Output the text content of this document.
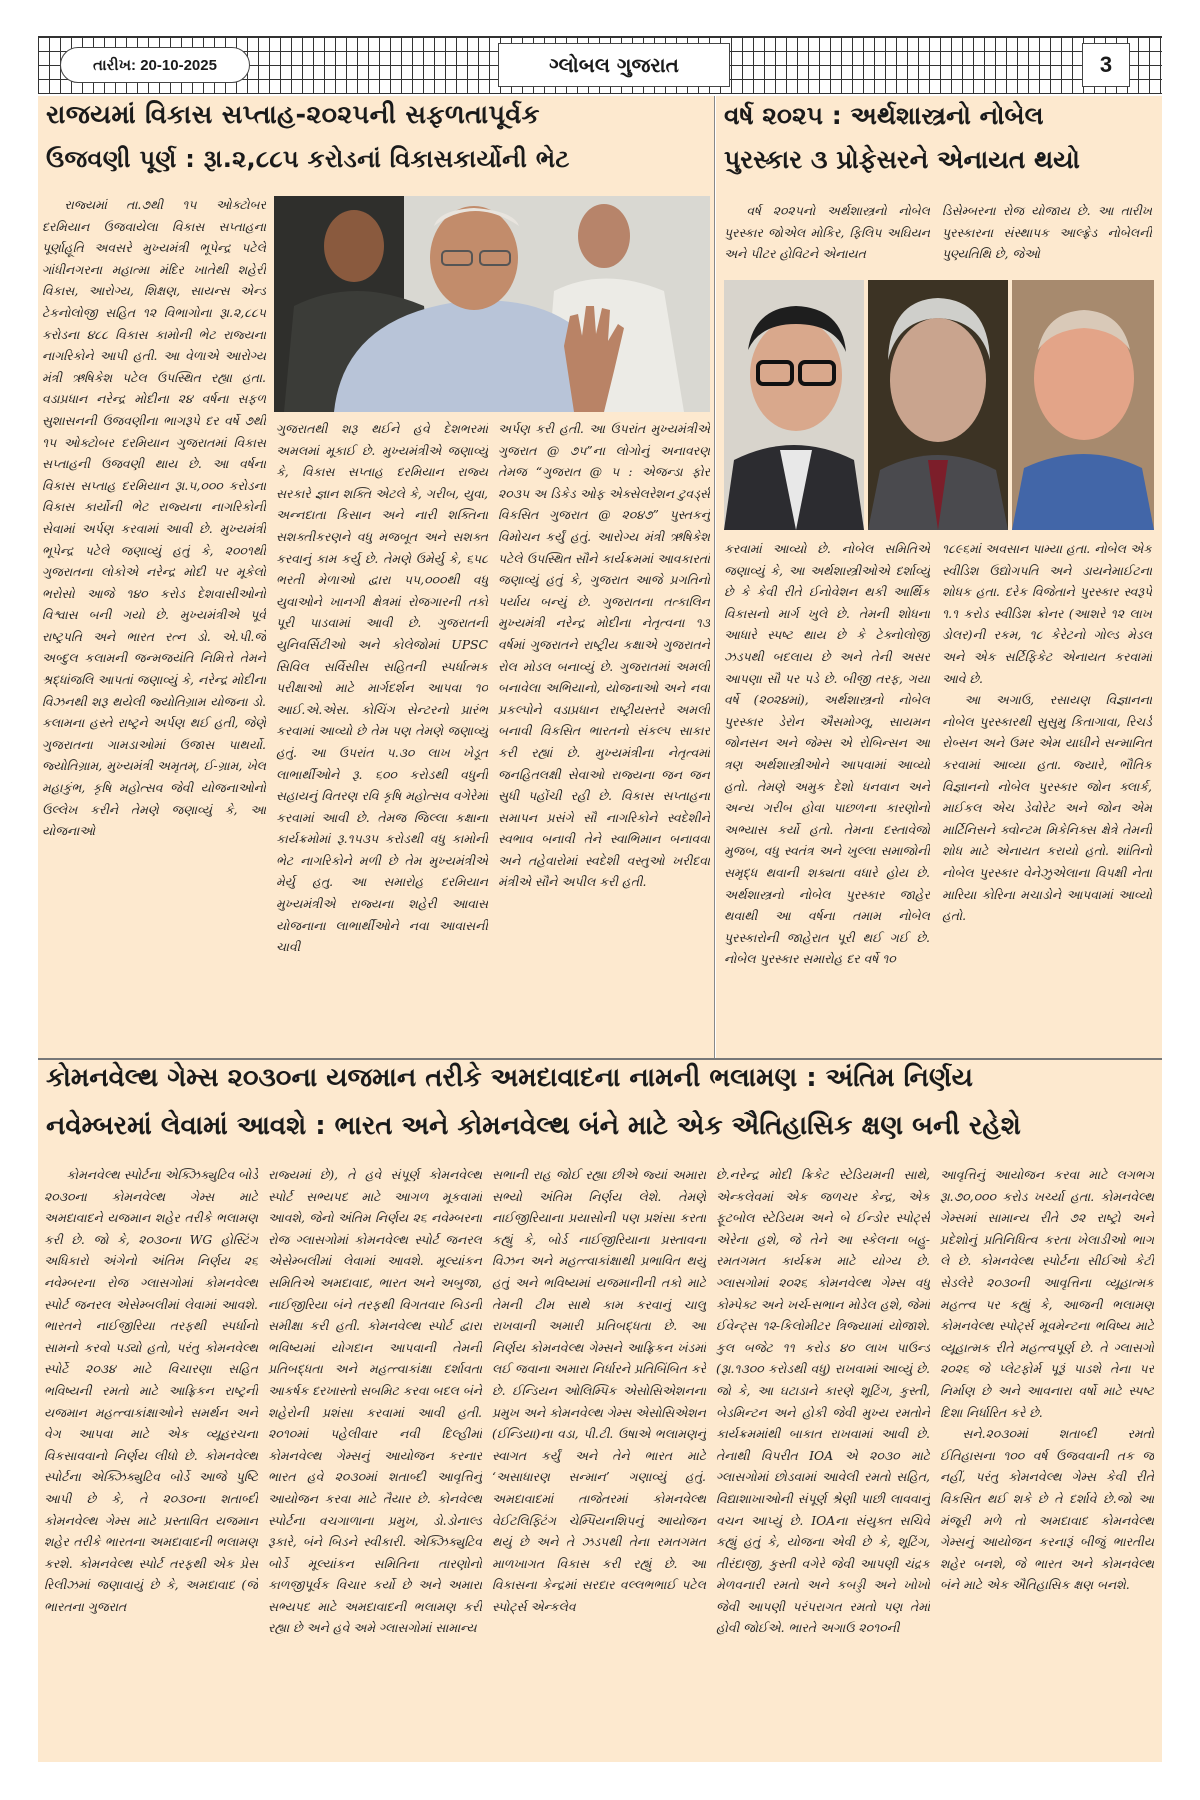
તારીખ: 20-10-2025	ગ્લોબલ ગુજરાત	3
રાજયમાં વિકાસ સપ્તાહ-૨૦૨૫ની સફળતાપૂર્વક
ઉજવણી પૂર્ણ : રૂા.૨,૮૮૫ કરોડનાં વિકાસકાર્યોની ભેટ

રાજ્યમાં તા.૭થી ૧૫ ઓક્ટોબર દરમિયાન ઉજવાયેલા વિકાસ સપ્તાહના પૂર્ણાહૂતિ અવસરે મુખ્યમંત્રી ભૂપેન્દ્ર પટેલે ગાંધીનગરના મહાત્મા મંદિર ખાતેથી શહેરી વિકાસ, આરોગ્ય, શિક્ષણ, સાયન્સ એન્ડ ટેકનોલોજી સહિત ૧૨ વિભાગોના રૂા.૨,૮૮૫ કરોડના ૪૮૮ વિકાસ કામોની ભેટ રાજ્યના નાગરિકોને આપી હતી. આ વેળાએ આરોગ્ય મંત્રી ઋષિકેશ પટેલ ઉપસ્થિત રહ્યા હતા. વડાપ્રધાન નરેન્દ્ર મોદીના ૨૪ વર્ષના સફળ સુશાસનની ઉજવણીના ભાગરૂપે દર વર્ષે ૭થી ૧૫ ઓક્ટોબર દરમિયાન ગુજરાતમાં વિકાસ સપ્તાહની ઉજવણી થાય છે. આ વર્ષના વિકાસ સપ્તાહ દરમિયાન રૂા.૫,૦૦૦ કરોડના વિકાસ કાર્યોની ભેટ રાજ્યના નાગરિકોની સેવામાં અર્પણ કરવામાં આવી છે. મુખ્યમંત્રી ભૂપેન્દ્ર પટેલે જણાવ્યું હતું કે, ૨૦૦૧થી ગુજરાતના લોકોએ નરેન્દ્ર મોદી પર મૂકેલો ભરોસો આજે ૧૪૦ કરોડ દેશવાસીઓનો વિશ્વાસ બની ગયો છે. મુખ્યમંત્રીએ પૂર્વ રાષ્ટ્રપતિ અને ભારત રત્ન ડો. એ.પી.જે અબ્દુલ કલામની જન્મજયંતિ નિમિત્તે તેમને શ્રદ્ધાંજલિ આપતાં જણાવ્યું કે, નરેન્દ્ર મોદીના વિઝનથી શરૂ થયેલી જ્યોતિગ્રામ યોજના ડો. કલામના હસ્તે રાષ્ટ્રને અર્પણ થઈ હતી, જેણે ગુજરાતના ગામડાઓમાં ઉજાસ પાથર્યો. જ્યોતિગ્રામ, મુખ્યમંત્રી અમૃતમ્, ઈ-ગ્રામ, ખેલ મહાકુંભ, કૃષિ મહોત્સવ જેવી યોજનાઓનો ઉલ્લેખ કરીને તેમણે જણાવ્યું કે, આ યોજનાઓ

ગુજરાતથી શરૂ થઈને હવે દેશભરમાં અમલમાં મૂકાઈ છે. મુખ્યમંત્રીએ જણાવ્યું કે, વિકાસ સપ્તાહ દરમિયાન રાજ્ય સરકારે જ્ઞાન શક્તિ એટલે કે, ગરીબ, યુવા, અન્નદાતા કિસાન અને નારી શક્તિના સશક્તીકરણને વધુ મજબૂત અને સશક્ત કરવાનું કામ કર્યુ છે. તેમણે ઉમેર્યુ કે, ૬૫૮ ભરતી મેળાઓ દ્વારા ૫૫,૦૦૦થી વધુ યુવાઓને ખાનગી ક્ષેત્રમાં રોજગારની તકો પૂરી પાડવામાં આવી છે. ગુજરાતની યુનિવર્સિટીઓ અને કોલેજોમાં UPSC સિવિલ સર્વિસીસ સહિતની સ્પર્ધાત્મક પરીક્ષાઓ માટે માર્ગદર્શન આપવા ૧૦ આઈ.એ.એસ. કોચિંગ સેન્ટરનો પ્રારંભ કરવામાં આવ્યો છે તેમ પણ તેમણે જણાવ્યું હતું. આ ઉપરાંત ૫.૩૦ લાખ ખેડૂત લાભાર્થીઓને રૂ. ૬૦૦ કરોડથી વધુની સહાયનું વિતરણ રવિ કૃષિ મહોત્સવ વગેરેમાં કરવામાં આવી છે. તેમજ જિલ્લા કક્ષાના કાર્યક્રમોમાં રૂ.૧૫૩૫ કરોડથી વધુ કામોની ભેટ નાગરિકોને મળી છે તેમ મુખ્યમંત્રીએ મેર્યુ હતુ. આ સમારોહ દરમિયાન મુખ્યમંત્રીએ રાજ્યના શહેરી આવાસ યોજનાના લાભાર્થીઓને નવા આવાસની ચાવી
અર્પણ કરી હતી. આ ઉપરાંત મુખ્યમંત્રીએ ગુજરાત @ ૭૫”ના લોગોનું અનાવરણ તેમજ “ગુજરાત @ ૫ : એજન્ડા ફોર ૨૦૩૫ અ ડિકેડ ઓફ એક્સેલરેશન ટુવર્ડ્સ વિકસિત ગુજરાત @ ૨૦૪૭” પુસ્તકનું વિમોચન કર્યું હતું. આરોગ્ય મંત્રી ઋષિકેશ પટેલે ઉપસ્થિત સૌને કાર્યક્રમમાં આવકારતાં જણાવ્યું હતું કે, ગુજરાત આજે પ્રગતિનો પર્યાય બન્યું છે. ગુજરાતના તત્કાલિન મુખ્યમંત્રી નરેન્દ્ર મોદીના નેતૃત્વના ૧૩ વર્ષમાં ગુજરાતને રાષ્ટ્રીય કક્ષાએ ગુજરાતને રોલ મોડલ બનાવ્યું છે. ગુજરાતમાં અમલી બનાવેલા અભિયાનો, યોજનાઓ અને નવા પ્રકલ્પોને વડાપ્રધાન રાષ્ટ્રીયસ્તરે અમલી બનાવી વિકસિત ભારતનો સંકલ્પ સાકાર કરી રહ્યાં છે. મુખ્યમંત્રીના નેતૃત્વમાં જનહિતલક્ષી સેવાઓ રાજ્યના જન જન સુધી પહોંચી રહી છે. વિકાસ સપ્તાહના સમાપન પ્રસંગે સૌ નાગરિકોને સ્વદેશીને સ્વભાવ બનાવી તેને સ્વાભિમાન બનાવવા અને તહેવારોમાં સ્વદેશી વસ્તુઓ ખરીદવા મંત્રીએ સૌને અપીલ કરી હતી.
વર્ષ ૨૦૨૫ : અર્થશાસ્ત્રનો નોબેલ
પુરસ્કાર ૩ પ્રોફેસરને એનાયત થયો

વર્ષ ૨૦૨૫નો અર્થશાસ્ત્રનો નોબેલ પુરસ્કાર જોએલ મોકિર, ફિલિપ અઘિયન અને પીટર હોવિટને એનાયત

ડિસેમ્બરના રોજ યોજાય છે. આ તારીખ પુરસ્કારના સંસ્થાપક આલ્ફ્રેડ નોબેલની પુણ્યતિથિ છે, જેઓ
કરવામાં આવ્યો છે. નોબેલ સમિતિએ જણાવ્યું કે, આ અર્થશાસ્ત્રીઓએ દર્શાવ્યું છે કે કેવી રીતે ઈનોવેશન થકી આર્થિક વિકાસનો માર્ગ ખુલે છે. તેમની શોધના આધારે સ્પષ્ટ થાય છે કે ટેક્નોલોજી ઝડપથી બદલાય છે અને તેની અસર આપણા સૌ પર પડે છે. બીજી તરફ, ગયા વર્ષે (૨૦૨૪માં), અર્થશાસ્ત્રનો નોબેલ પુરસ્કાર ડેરોન ઐસમોગ્લૂ, સાયમન જોનસન અને જેમ્સ એ રોબિન્સન આ ત્રણ અર્થશાસ્ત્રીઓને આપવામાં આવ્યો હતો. તેમણે અમુક દેશો ધનવાન અને અન્ય ગરીબ હોવા પાછળના કારણોનો અભ્યાસ કર્યો હતો. તેમના દસ્તાવેજો મુજબ, વધુ સ્વતંત્ર અને ખુલ્લા સમાજોની સમૃદ્ધ થવાની શક્યતા વધારે હોય છે. અર્થશાસ્ત્રનો નોબેલ પુરસ્કાર જાહેર થવાથી આ વર્ષના તમામ નોબેલ પુરસ્કારોની જાહેરાત પૂરી થઈ ગઈ છે. નોબેલ પુરસ્કાર સમારોહ દર વર્ષે ૧૦
૧૮૯૬માં અવસાન પામ્યા હતા. નોબેલ એક સ્વીડિશ ઉદ્યોગપતિ અને ડાયનેમાઈટના શોધક હતા. દરેક વિજેતાને પુરસ્કાર સ્વરૂપે ૧.૧ કરોડ સ્વીડિશ ક્રોનર (આશરે ૧૨ લાખ ડોલર)ની રકમ, ૧૮ કેરેટનો ગોલ્ડ મેડલ અને એક સર્ટિફિકેટ એનાયત કરવામાં આવે છે.

આ અગાઉ, રસાયણ વિજ્ઞાનના નોબેલ પુરસ્કારથી સુસુમુ કિતાગાવા, રિચર્ડ રોબ્સન અને ઉમર એમ યાઘીને સન્માનિત કરવામાં આવ્યા હતા. જ્યારે, ભૌતિક વિજ્ઞાનનો નોબેલ પુરસ્કાર જોન ક્લાર્ક, માઈકલ એચ ડેવોરેટ અને જોન એમ માર્ટિનિસને ક્વોન્ટમ મિકેનિક્સ ક્ષેત્રે તેમની શોધ માટે એનાયત કરાયો હતો. શાંતિનો નોબેલ પુરસ્કાર વેનેઝુએલાના વિપક્ષી નેતા મારિયા કોરિના મચાડોને આપવામાં આવ્યો હતો.

કોમનવેલ્થ ગેમ્સ ૨૦૩૦ના યજમાન તરીકે અમદાવાદના નામની ભલામણ : અંતિમ નિર્ણય
નવેમ્બરમાં લેવામાં આવશે : ભારત અને કોમનવેલ્થ બંને માટે એક ઐતિહાસિક ક્ષણ બની રહેશે

કોમનવેલ્થ સ્પોર્ટના એક્ઝિક્યુટિવ બોર્ડે ૨૦૩૦ના કોમનવેલ્થ ગેમ્સ માટે અમદાવાદને યજમાન શહેર તરીકે ભલામણ કરી છે. જો કે, ૨૦૩૦ના WG હોસ્ટિંગ અધિકારો અંગેનો અંતિમ નિર્ણય ૨૬ નવેમ્બરના રોજ ગ્લાસગોમાં કોમનવેલ્થ સ્પોર્ટ જનરલ એસેમ્બલીમાં લેવામાં આવશે. ભારતને નાઈજીરિયા તરફથી સ્પર્ધાનો સામનો કરવો પડ્યો હતો, પરંતુ કોમનવેલ્થ સ્પોર્ટે ૨૦૩૪ માટે વિચારણા સહિત ભવિષ્યની રમતો માટે આફ્રિકન રાષ્ટ્રની યજમાન મહત્ત્વાકાંક્ષાઓને સમર્થન અને વેગ આપવા માટે એક વ્યૂહરચના વિકસાવવાનો નિર્ણય લીધો છે. કોમનવેલ્થ સ્પોર્ટના એક્ઝિક્યુટિવ બોર્ડે આજે પુષ્ટિ આપી છે કે, તે ૨૦૩૦ના શતાબ્દી કોમનવેલ્થ ગેમ્સ માટે પ્રસ્તાવિત યજમાન શહેર તરીકે ભારતના અમદાવાદની ભલામણ કરશે. કોમનવેલ્થ સ્પોર્ટ તરફથી એક પ્રેસ રિલીઝમાં જણાવાયું છે કે, અમદાવાદ (જે ભારતના ગુજરાત

રાજ્યમાં છે), તે હવે સંપૂર્ણ કોમનવેલ્થ સ્પોર્ટ સભ્યપદ માટે આગળ મૂકવામાં આવશે, જેનો અંતિમ નિર્ણય ૨૬ નવેમ્બરના રોજ ગ્લાસગોમાં કોમનવેલ્થ સ્પોર્ટ જનરલ એસેમ્બલીમાં લેવામાં આવશે. મૂલ્યાંકન સમિતિએ અમદાવાદ, ભારત અને અબુજા, નાઈજીરિયા બંને તરફથી વિગતવાર બિડની સમીક્ષા કરી હતી. કોમનવેલ્થ સ્પોર્ટ દ્વારા ભવિષ્યમાં યોગદાન આપવાની તેમની પ્રતિબદ્ધતા અને મહત્ત્વાકાંક્ષા દર્શાવતા આકર્ષક દરખાસ્તો સબમિટ કરવા બદલ બંને શહેરોની પ્રશંસા કરવામાં આવી હતી. ૨૦૧૦માં પહેલીવાર નવી દિલ્હીમાં કોમનવેલ્થ ગેમ્સનું આયોજન કરનાર ભારત હવે ૨૦૩૦માં શતાબ્દી આવૃત્તિનું આયોજન કરવા માટે તૈયાર છે. કોનવેલ્થ સ્પોર્ટના વચગાળાના પ્રમુખ, ડો.ડોનાલ્ડ રૂકારે, બંને બિડને સ્વીકારી. એક્ઝિક્યુટિવ બોર્ડે મૂલ્યાંકન સમિતિના તારણોનો કાળજીપૂર્વક વિચાર કર્યો છે અને અમારા સભ્યપદ માટે અમદાવાદની ભલામણ કરી રહ્યા છે અને હવે અમે ગ્લાસગોમાં સામાન્ય
સભાની રાહ જોઈ રહ્યા છીએ જ્યાં અમારા સભ્યો અંતિમ નિર્ણય લેશે. તેમણે નાઈજીરિયાના પ્રયાસોની પણ પ્રશંસા કરતા કહ્યું કે, બોર્ડ નાઈજીરિયાના પ્રસ્તાવના વિઝન અને મહત્ત્વાકાંક્ષાથી પ્રભાવિત થયું હતું અને ભવિષ્યમાં યજમાનીની તકો માટે તેમની ટીમ સાથે કામ કરવાનું ચાલુ રાખવાની અમારી પ્રતિબદ્ધતા છે. આ નિર્ણય કોમનવેલ્થ ગેમ્સને આફ્રિકન ખંડમાં લઈ જવાના અમારા નિર્ધારને પ્રતિબિંબિત કરે છે. ઈન્ડિયન ઓલિમ્પિક એસોસિએશનના પ્રમુખ અને કોમનવેલ્થ ગેમ્સ એસોસિએશન (ઈન્ડિયા)ના વડા, પી.ટી. ઉષાએ ભલામણનું સ્વાગત કર્યું અને તેને ભારત માટે ‘અસાધારણ સન્માન’ ગણાવ્યું હતું. અમદાવાદમાં તાજેતરમાં કોમનવેલ્થ વેઈટલિફ્ટિંગ ચેમ્પિયનશિપનું આયોજન થયું છે અને તે ઝડપથી તેના રમતગમત માળખાગત વિકાસ કરી રહ્યું છે. આ વિકાસના કેન્દ્રમાં સરદાર વલ્લભભાઈ પટેલ સ્પોર્ટ્સ એન્કલેવ
છે.નરેન્દ્ર મોદી ક્રિકેટ સ્ટેડિયમની સાથે, એન્કલેવમાં એક જળચર કેન્દ્ર, એક ફૂટબોલ સ્ટેડિયમ અને બે ઈન્ડોર સ્પોર્ટ્સ એરેના હશે, જે તેને આ સ્કેલના બહુ-રમતગમત કાર્યક્રમ માટે યોગ્ય છે. ગ્લાસગોમાં ૨૦૨૬ કોમનવેલ્થ ગેમ્સ વધુ કોમ્પેક્ટ અને ખર્ચ-સભાન મોડેલ હશે, જેમાં ઈવેન્ટ્સ ૧૨-કિલોમીટર ત્રિજ્યામાં યોજાશે. કુલ બજેટ ૧૧ કરોડ ૪૦ લાખ પાઉન્ડ (રૂા.૧૩૦૦ કરોડથી વધુ) રાખવામાં આવ્યું છે. જો કે, આ ઘટાડાને કારણે શૂટિંગ, કુસ્તી, બેડમિન્ટન અને હોકી જેવી મુખ્ય રમતોને કાર્યક્રમમાંથી બાકાત રાખવામાં આવી છે. તેનાથી વિપરીત IOA એ ૨૦૩૦ માટે ગ્લાસગોમાં છોડવામાં આવેલી રમતો સહિત, વિદ્યાશાખાઓની સંપૂર્ણ શ્રેણી પાછી લાવવાનું વચન આપ્યું છે. IOAના સંયુક્ત સચિવે કહ્યું હતું કે, યોજના એવી છે કે, શૂટિંગ, તીરંદાજી, કુસ્તી વગેરે જેવી આપણી ચંદ્રક મેળવનારી રમતો અને કબડ્ડી અને ખોખો જેવી આપણી પરંપરાગત રમતો પણ તેમાં હોવી જોઈએ. ભારતે અગાઉ ૨૦૧૦ની
આવૃત્તિનું આયોજન કરવા માટે લગભગ રૂા.૭૦,૦૦૦ કરોડ ખર્ચ્યા હતા. કોમનવેલ્થ ગેમ્સમાં સામાન્ય રીતે ૭૨ રાષ્ટ્રો અને પ્રદેશોનું પ્રતિનિધિત્વ કરતા ખેલાડીઓ ભાગ લે છે. કોમનવેલ્થ સ્પોર્ટના સીઈઓ કેટી સેડલેરે ૨૦૩૦ની આવૃત્તિના વ્યૂહાત્મક મહત્ત્વ પર કહ્યું કે, આજની ભલામણ કોમનવેલ્થ સ્પોર્ટ્સ મૂવમેન્ટના ભવિષ્ય માટે વ્યૂહાત્મક રીતે મહત્ત્વપૂર્ણ છે. તે ગ્લાસગો ૨૦૨૬ જે પ્લેટફોર્મ પૂરૂં પાડશે તેના પર નિર્માણ છે અને આવનારા વર્ષો માટે સ્પષ્ટ દિશા નિર્ધારિત કરે છે.

સને.૨૦૩૦માં શતાબ્દી રમતો ઈતિહાસના ૧૦૦ વર્ષ ઉજવવાની તક જ નહીં, પરંતુ કોમનવેલ્થ ગેમ્સ કેવી રીતે વિકસિત થઈ શકે છે તે દર્શાવે છે.જો આ મંજૂરી મળે તો અમદાવાદ કોમનવેલ્થ ગેમ્સનું આયોજન કરનારૂં બીજું ભારતીય શહેર બનશે, જે ભારત અને કોમનવેલ્થ બંને માટે એક ઐતિહાસિક ક્ષણ બનશે.
